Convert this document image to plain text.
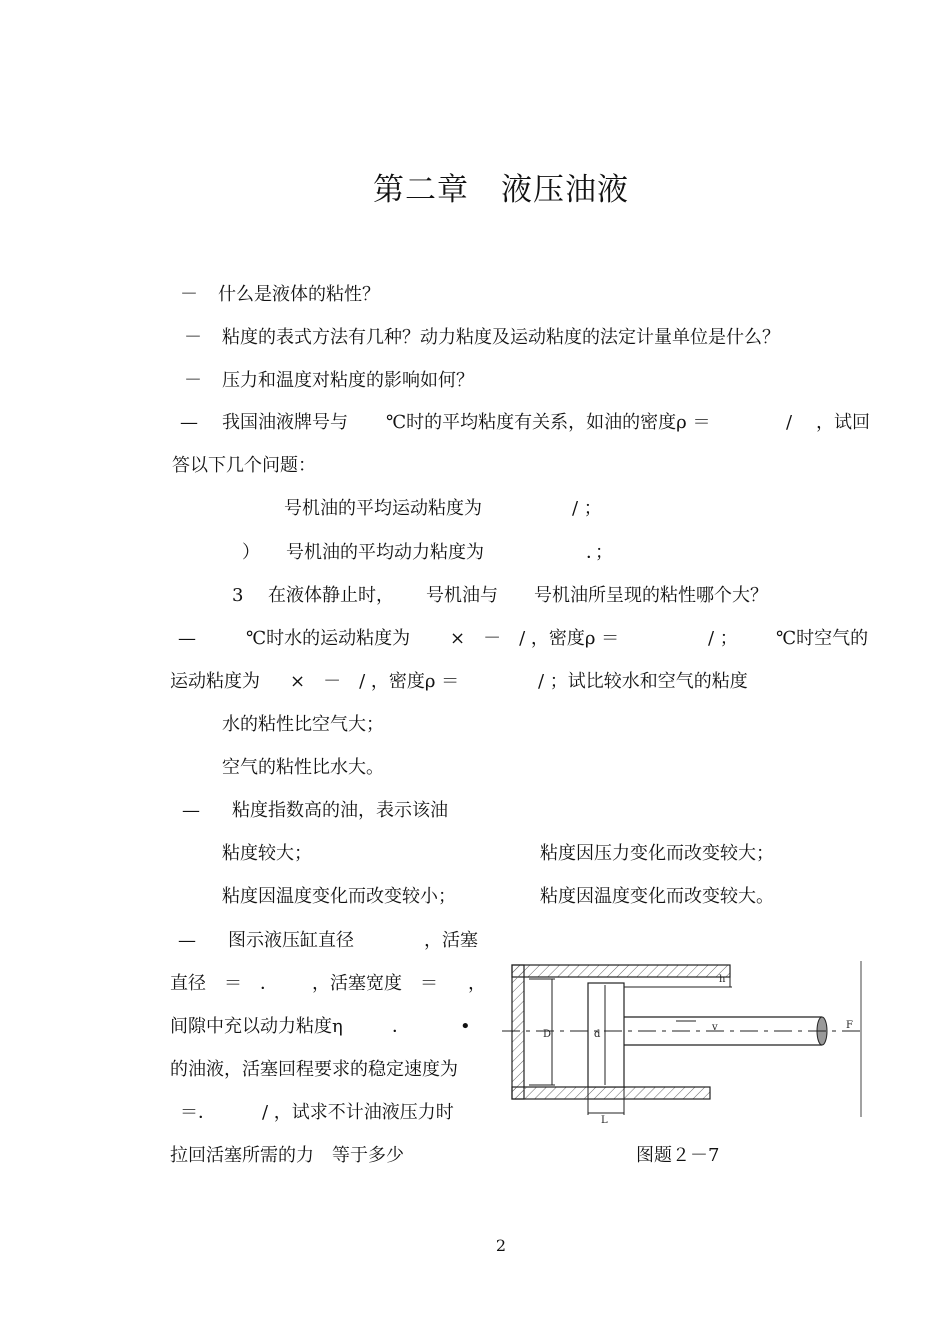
第二章　液压油液
－ 什么是液体的粘性？
－ 粘度的表式方法有几种？动力粘度及运动粘度的法定计量单位是什么？
－ 压力和温度对粘度的影响如何？
— 我国油液牌号与 ℃时的平均粘度有关系，如油的密度ρ ＝	/ ，试回
答以下几个问题：
号机油的平均运动粘度为	/ ；
） 号机油的平均动力粘度为	．；
3 在液体静止时， 号机油与 号机油所呈现的粘性哪个大？
—	℃时水的运动粘度为 ×　－　/ ，密度ρ ＝	/ ； ℃时空气的
运动粘度为 ×　－　/ ，密度ρ ＝	/ ；试比较水和空气的粘度
水的粘性比空气大；
空气的粘性比水大。
— 粘度指数高的油，表示该油
粘度较大；	粘度因压力变化而改变较大；
粘度因温度变化而改变较小；	粘度因温度变化而改变较大。
— 图示液压缸直径	，活塞
直径　＝　． ，活塞宽度　＝ ，
间隙中充以动力粘度η	．	•
的油液，活塞回程要求的稳定速度为
＝．	/ ，试求不计油液压力时
拉回活塞所需的力　等于多少
h
D	d
v	F
L
图题２－7
2
